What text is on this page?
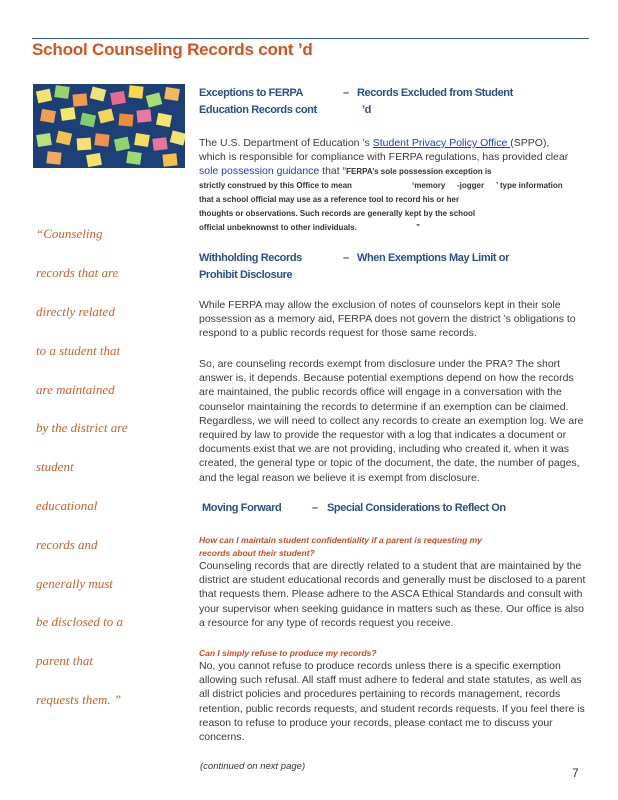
School Counseling Records cont ’d
“Counseling
records that are
directly related
to a student that
are maintained
by the district are
student
educational
records and
generally must
be disclosed to a
parent that
requests them. ”
Exceptions to FERPA	– Records Excluded from Student
Education Records cont	’d
The U.S. Department of Education ’s Student Privacy Policy Office (SPPO),
which is responsible for compliance with FERPA regulations, has provided clear
sole possession guidance that “FERPA’s sole possession exception is
strictly construed by this Office to mean	‘memory -jogger ’ type information
that a school official may use as a reference tool to record his or her
thoughts or observations. Such records are generally kept by the school
official unbeknownst to other individuals.	”
Withholding Records	– When Exemptions May Limit or
Prohibit Disclosure
While FERPA may allow the exclusion of notes of counselors kept in their sole possession as a memory aid, FERPA does not govern the district ’s obligations to respond to a public records request for those same records.
So, are counseling records exempt from disclosure under the PRA? The short answer is, it depends. Because potential exemptions depend on how the records are maintained, the public records office will engage in a conversation with the counselor maintaining the records to determine if an exemption can be claimed. Regardless, we will need to collect any records to create an exemption log. We are required by law to provide the requestor with a log that indicates a document or documents exist that we are not providing, including who created it, when it was created, the general type or topic of the document, the date, the number of pages, and the legal reason we believe it is exempt from disclosure.
Moving Forward	– Special Considerations to Reflect On
How can I maintain student confidentiality if a parent is requesting my
records about their student?
Counseling records that are directly related to a student that are maintained by the district are student educational records and generally must be disclosed to a parent that requests them. Please adhere to the ASCA Ethical Standards and consult with your supervisor when seeking guidance in matters such as these. Our office is also a resource for any type of records request you receive.
Can I simply refuse to produce my records?
No, you cannot refuse to produce records unless there is a specific exemption allowing such refusal. All staff must adhere to federal and state statutes, as well as all district policies and procedures pertaining to records management, records retention, public records requests, and student records requests. If you feel there is reason to refuse to produce your records, please contact me to discuss your concerns.
(continued on next page)	7
